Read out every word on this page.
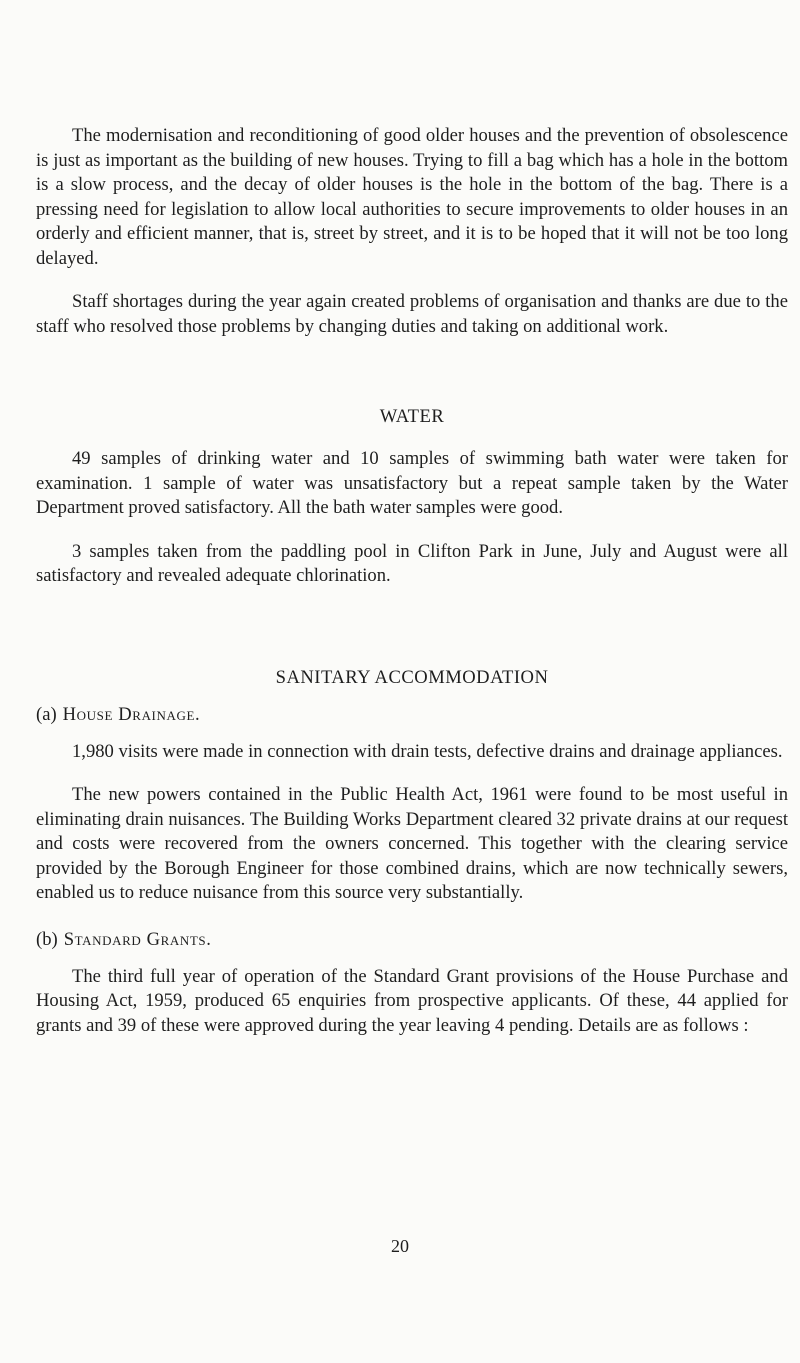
The modernisation and reconditioning of good older houses and the prevention of obsolescence is just as important as the building of new houses. Trying to fill a bag which has a hole in the bottom is a slow process, and the decay of older houses is the hole in the bottom of the bag. There is a pressing need for legislation to allow local authorities to secure improvements to older houses in an orderly and efficient manner, that is, street by street, and it is to be hoped that it will not be too long delayed.

Staff shortages during the year again created problems of organisation and thanks are due to the staff who resolved those problems by changing duties and taking on additional work.

WATER

49 samples of drinking water and 10 samples of swimming bath water were taken for examination. 1 sample of water was unsatisfactory but a repeat sample taken by the Water Department proved satisfactory. All the bath water samples were good.

3 samples taken from the paddling pool in Clifton Park in June, July and August were all satisfactory and revealed adequate chlorination.

SANITARY ACCOMMODATION
(a) House Drainage.

1,980 visits were made in connection with drain tests, defective drains and drainage appliances.

The new powers contained in the Public Health Act, 1961 were found to be most useful in eliminating drain nuisances. The Building Works Department cleared 32 private drains at our request and costs were recovered from the owners concerned. This together with the clearing service provided by the Borough Engineer for those combined drains, which are now technically sewers, enabled us to reduce nuisance from this source very substantially.

(b) Standard Grants.

The third full year of operation of the Standard Grant provisions of the House Purchase and Housing Act, 1959, produced 65 enquiries from prospective applicants. Of these, 44 applied for grants and 39 of these were approved during the year leaving 4 pending. Details are as follows :

20
